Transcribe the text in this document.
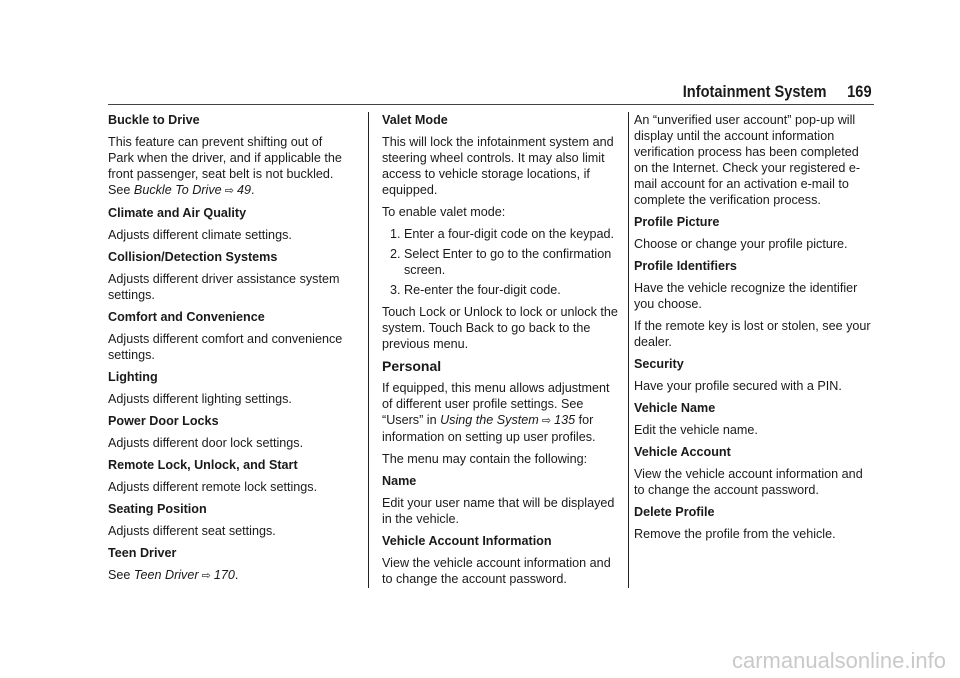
Infotainment System 169
Buckle to Drive
This feature can prevent shifting out of Park when the driver, and if applicable the front passenger, seat belt is not buckled. See Buckle To Drive ⇨ 49.
Climate and Air Quality
Adjusts different climate settings.
Collision/Detection Systems
Adjusts different driver assistance system settings.
Comfort and Convenience
Adjusts different comfort and convenience settings.
Lighting
Adjusts different lighting settings.
Power Door Locks
Adjusts different door lock settings.
Remote Lock, Unlock, and Start
Adjusts different remote lock settings.
Seating Position
Adjusts different seat settings.
Teen Driver
See Teen Driver ⇨ 170.
Valet Mode
This will lock the infotainment system and steering wheel controls. It may also limit access to vehicle storage locations, if equipped.
To enable valet mode:
1. Enter a four-digit code on the keypad.
2. Select Enter to go to the confirmation screen.
3. Re-enter the four-digit code.
Touch Lock or Unlock to lock or unlock the system. Touch Back to go back to the previous menu.
Personal
If equipped, this menu allows adjustment of different user profile settings. See “Users” in Using the System ⇨ 135 for information on setting up user profiles.
The menu may contain the following:
Name
Edit your user name that will be displayed in the vehicle.
Vehicle Account Information
View the vehicle account information and to change the account password.
An “unverified user account” pop-up will display until the account information verification process has been completed on the Internet. Check your registered e-mail account for an activation e-mail to complete the verification process.
Profile Picture
Choose or change your profile picture.
Profile Identifiers
Have the vehicle recognize the identifier you choose.
If the remote key is lost or stolen, see your dealer.
Security
Have your profile secured with a PIN.
Vehicle Name
Edit the vehicle name.
Vehicle Account
View the vehicle account information and to change the account password.
Delete Profile
Remove the profile from the vehicle.
carmanualsonline.info
